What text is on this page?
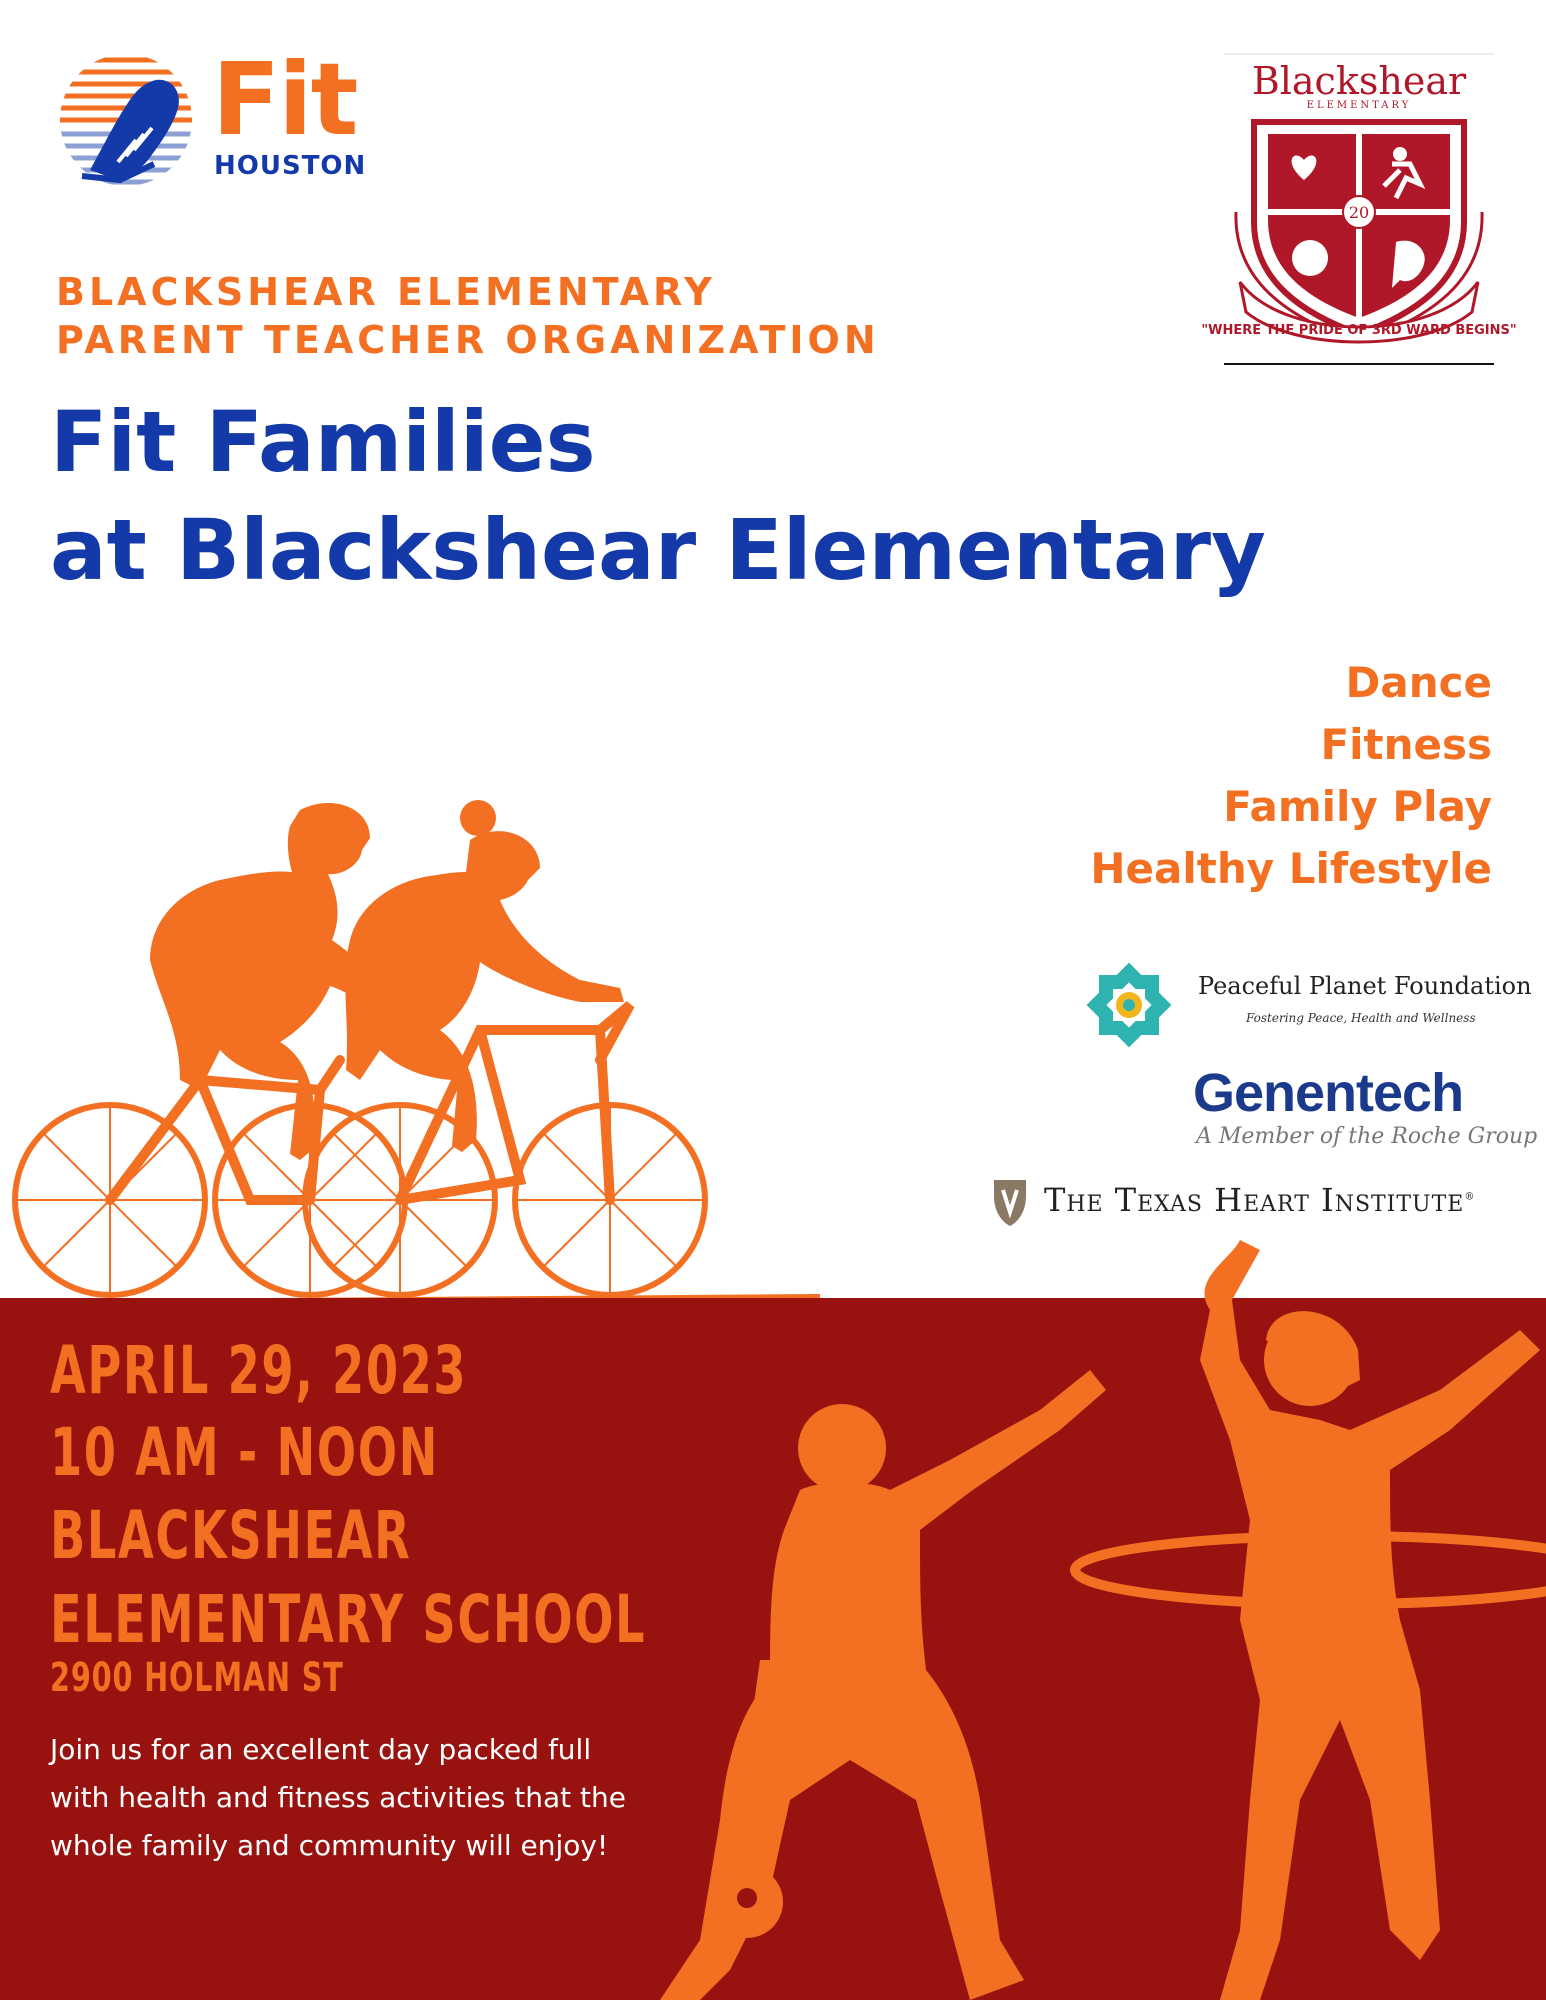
Fit
HOUSTON
Blackshear
ELEMENTARY
20
"WHERE THE PRIDE OF 3RD WARD BEGINS"
BLACKSHEAR ELEMENTARY
PARENT TEACHER ORGANIZATION
Fit Families
at Blackshear Elementary
Dance
Fitness
Family Play
Healthy Lifestyle
Peaceful Planet Foundation
Fostering Peace, Health and Wellness
Genentech
A Member of the Roche Group
The Texas Heart Institute®
APRIL 29, 2023
10 AM - NOON
BLACKSHEAR
ELEMENTARY SCHOOL
2900 HOLMAN ST
Join us for an excellent day packed full with health and fitness activities that the whole family and community will enjoy!
